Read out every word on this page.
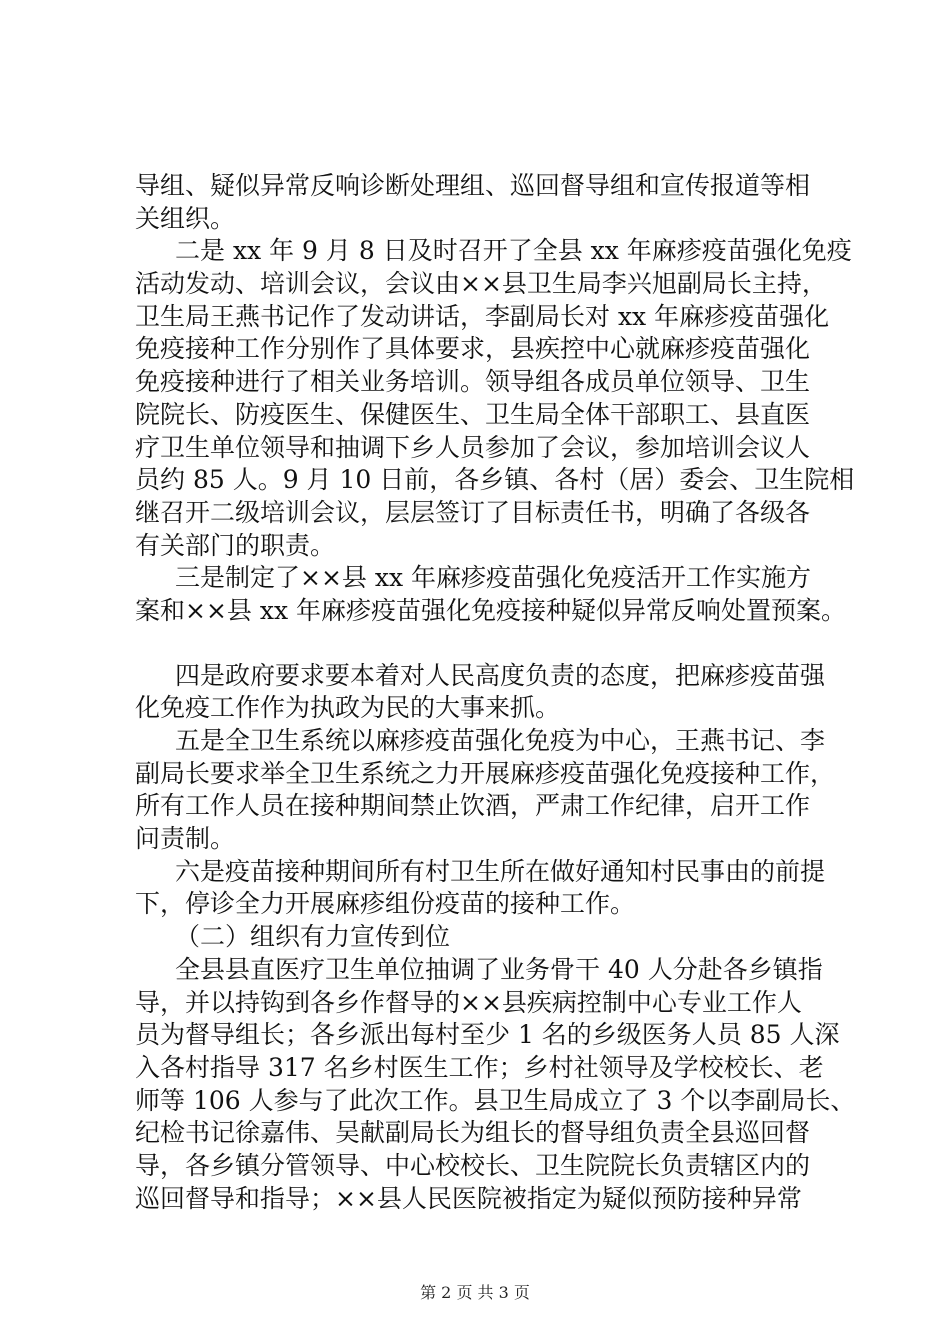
导组、疑似异常反响诊断处理组、巡回督导组和宣传报道等相
关组织。
二是 xx 年 9 月 8 日及时召开了全县 xx 年麻疹疫苗强化免疫
活动发动、培训会议，会议由××县卫生局李兴旭副局长主持，
卫生局王燕书记作了发动讲话，李副局长对 xx 年麻疹疫苗强化
免疫接种工作分别作了具体要求，县疾控中心就麻疹疫苗强化
免疫接种进行了相关业务培训。领导组各成员单位领导、卫生
院院长、防疫医生、保健医生、卫生局全体干部职工、县直医
疗卫生单位领导和抽调下乡人员参加了会议，参加培训会议人
员约 85 人。9 月 10 日前，各乡镇、各村（居）委会、卫生院相
继召开二级培训会议，层层签订了目标责任书，明确了各级各
有关部门的职责。
三是制定了××县 xx 年麻疹疫苗强化免疫活开工作实施方
案和××县 xx 年麻疹疫苗强化免疫接种疑似异常反响处置预案。
四是政府要求要本着对人民高度负责的态度，把麻疹疫苗强
化免疫工作作为执政为民的大事来抓。
五是全卫生系统以麻疹疫苗强化免疫为中心，王燕书记、李
副局长要求举全卫生系统之力开展麻疹疫苗强化免疫接种工作，
所有工作人员在接种期间禁止饮酒，严肃工作纪律，启开工作
问责制。
六是疫苗接种期间所有村卫生所在做好通知村民事由的前提
下，停诊全力开展麻疹组份疫苗的接种工作。
（二）组织有力宣传到位
全县县直医疗卫生单位抽调了业务骨干 40 人分赴各乡镇指
导，并以持钩到各乡作督导的××县疾病控制中心专业工作人
员为督导组长；各乡派出每村至少 1 名的乡级医务人员 85 人深
入各村指导 317 名乡村医生工作；乡村社领导及学校校长、老
师等 106 人参与了此次工作。县卫生局成立了 3 个以李副局长、
纪检书记徐嘉伟、吴献副局长为组长的督导组负责全县巡回督
导，各乡镇分管领导、中心校校长、卫生院院长负责辖区内的
巡回督导和指导；××县人民医院被指定为疑似预防接种异常
第 2 页 共 3 页
